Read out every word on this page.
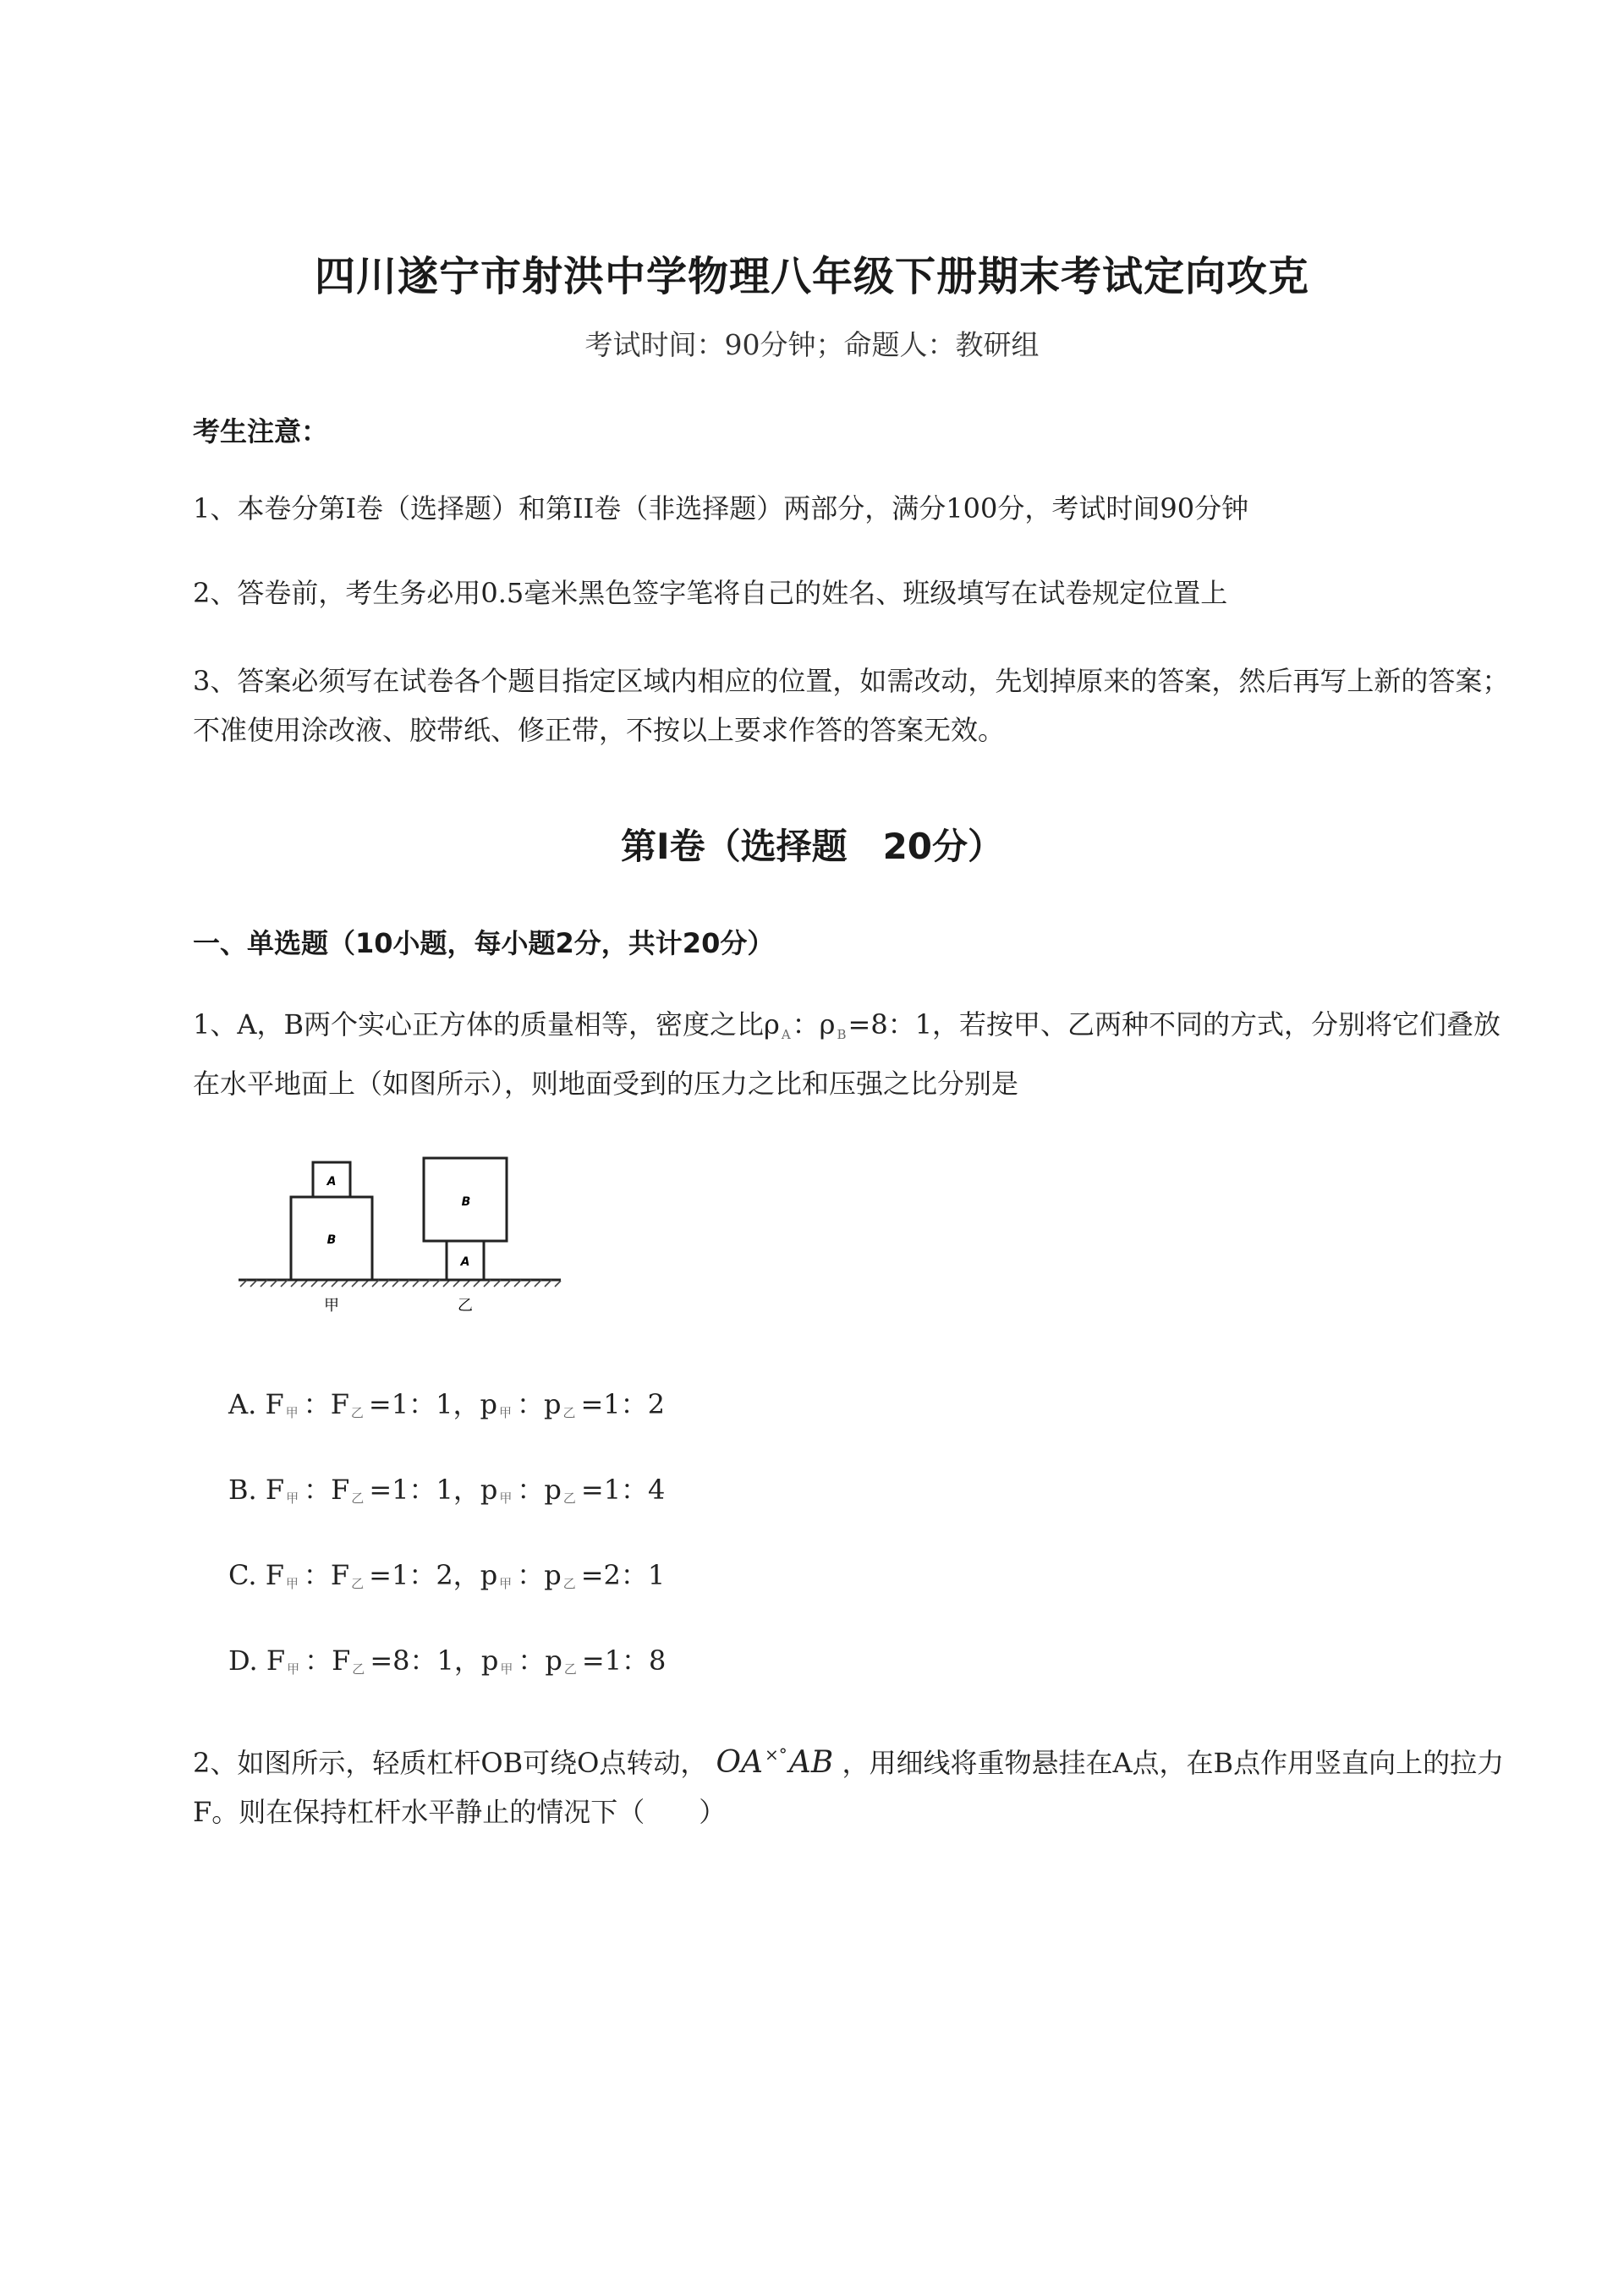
四川遂宁市射洪中学物理八年级下册期末考试定向攻克
考试时间：90分钟；命题人：教研组
考生注意：
1、本卷分第I卷（选择题）和第II卷（非选择题）两部分，满分100分，考试时间90分钟
2、答卷前，考生务必用0.5毫米黑色签字笔将自己的姓名、班级填写在试卷规定位置上
3、答案必须写在试卷各个题目指定区域内相应的位置，如需改动，先划掉原来的答案，然后再写上新的答案；不准使用涂改液、胶带纸、修正带，不按以上要求作答的答案无效。
第I卷（选择题　20分）
一、单选题（10小题，每小题2分，共计20分）
1、A，B两个实心正方体的质量相等，密度之比ρ A：ρ B=8：1，若按甲、乙两种不同的方式，分别将它们叠放在水平地面上（如图所示），则地面受到的压力之比和压强之比分别是
A
B
B
A
甲	乙
A. F $_甲$ ：F $_乙$ =1：1，p $_甲$ ：p $_乙$ =1：2
B. F $_甲$ ：F $_乙$ =1：1，p $_甲$ ：p $_乙$ =1：4
C. F $_甲$ ：F $_乙$ =1：2，p $_甲$ ：p $_乙$ =2：1
D. F $_甲$ ：F $_乙$ =8：1，p $_甲$ ：p $_乙$ =1：8
2、如图所示，轻质杠杆OB可绕O点转动， OA ×°AB ，用细线将重物悬挂在A点，在B点作用竖直向上的拉力F。则在保持杠杆水平静止的情况下（　　）
